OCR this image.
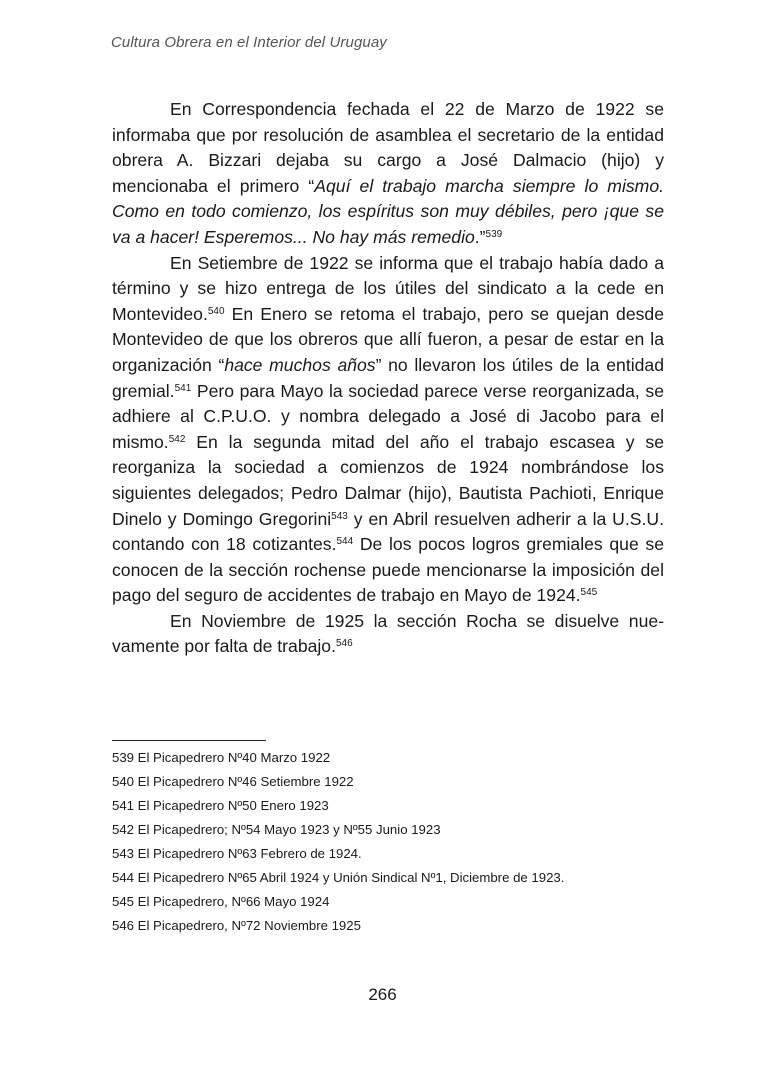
Cultura Obrera en el Interior del Uruguay

En Correspondencia fechada el 22 de Marzo de 1922 se informaba que por resolución de asamblea el secretario de la entidad obrera A. Bizzari dejaba su cargo a José Dalmacio (hijo) y mencionaba el primero “Aquí el trabajo marcha siempre lo mismo. Como en todo comienzo, los espíritus son muy débiles, pero ¡que se va a hacer! Esperemos... No hay más remedio.”$^{539}$

En Setiembre de 1922 se informa que el trabajo había dado a término y se hizo entrega de los útiles del sindicato a la cede en Montevideo.$^{540}$ En Enero se retoma el trabajo, pero se quejan desde Montevideo de que los obreros que allí fueron, a pesar de estar en la organización “hace muchos años” no llevaron los útiles de la entidad gremial.$^{541}$ Pero para Mayo la sociedad parece verse reorganizada, se adhiere al C.P.U.O. y nombra delegado a José di Jacobo para el mismo.$^{542}$ En la segunda mitad del año el trabajo escasea y se reorganiza la sociedad a comienzos de 1924 nombrándose los siguientes delegados; Pedro Dalmar (hijo), Bautista Pachioti, Enrique Dinelo y Domingo Gregorini$^{543}$ y en Abril resuelven adherir a la U.S.U. contando con 18 cotizantes.$^{544}$ De los pocos logros gremiales que se conocen de la sección rochense puede mencionarse la imposición del pago del seguro de accidentes de trabajo en Mayo de 1924.$^{545}$

En Noviembre de 1925 la sección Rocha se disuelve nuevamente por falta de trabajo.$^{546}$

539 El Picapedrero Nº40 Marzo 1922
540 El Picapedrero Nº46 Setiembre 1922
541 El Picapedrero Nº50 Enero 1923
542 El Picapedrero; Nº54 Mayo 1923 y Nº55 Junio 1923
543 El Picapedrero Nº63 Febrero de 1924.
544 El Picapedrero Nº65 Abril 1924 y Unión Sindical Nº1, Diciembre de 1923.
545 El Picapedrero, Nº66 Mayo 1924
546 El Picapedrero, Nº72 Noviembre 1925
266
